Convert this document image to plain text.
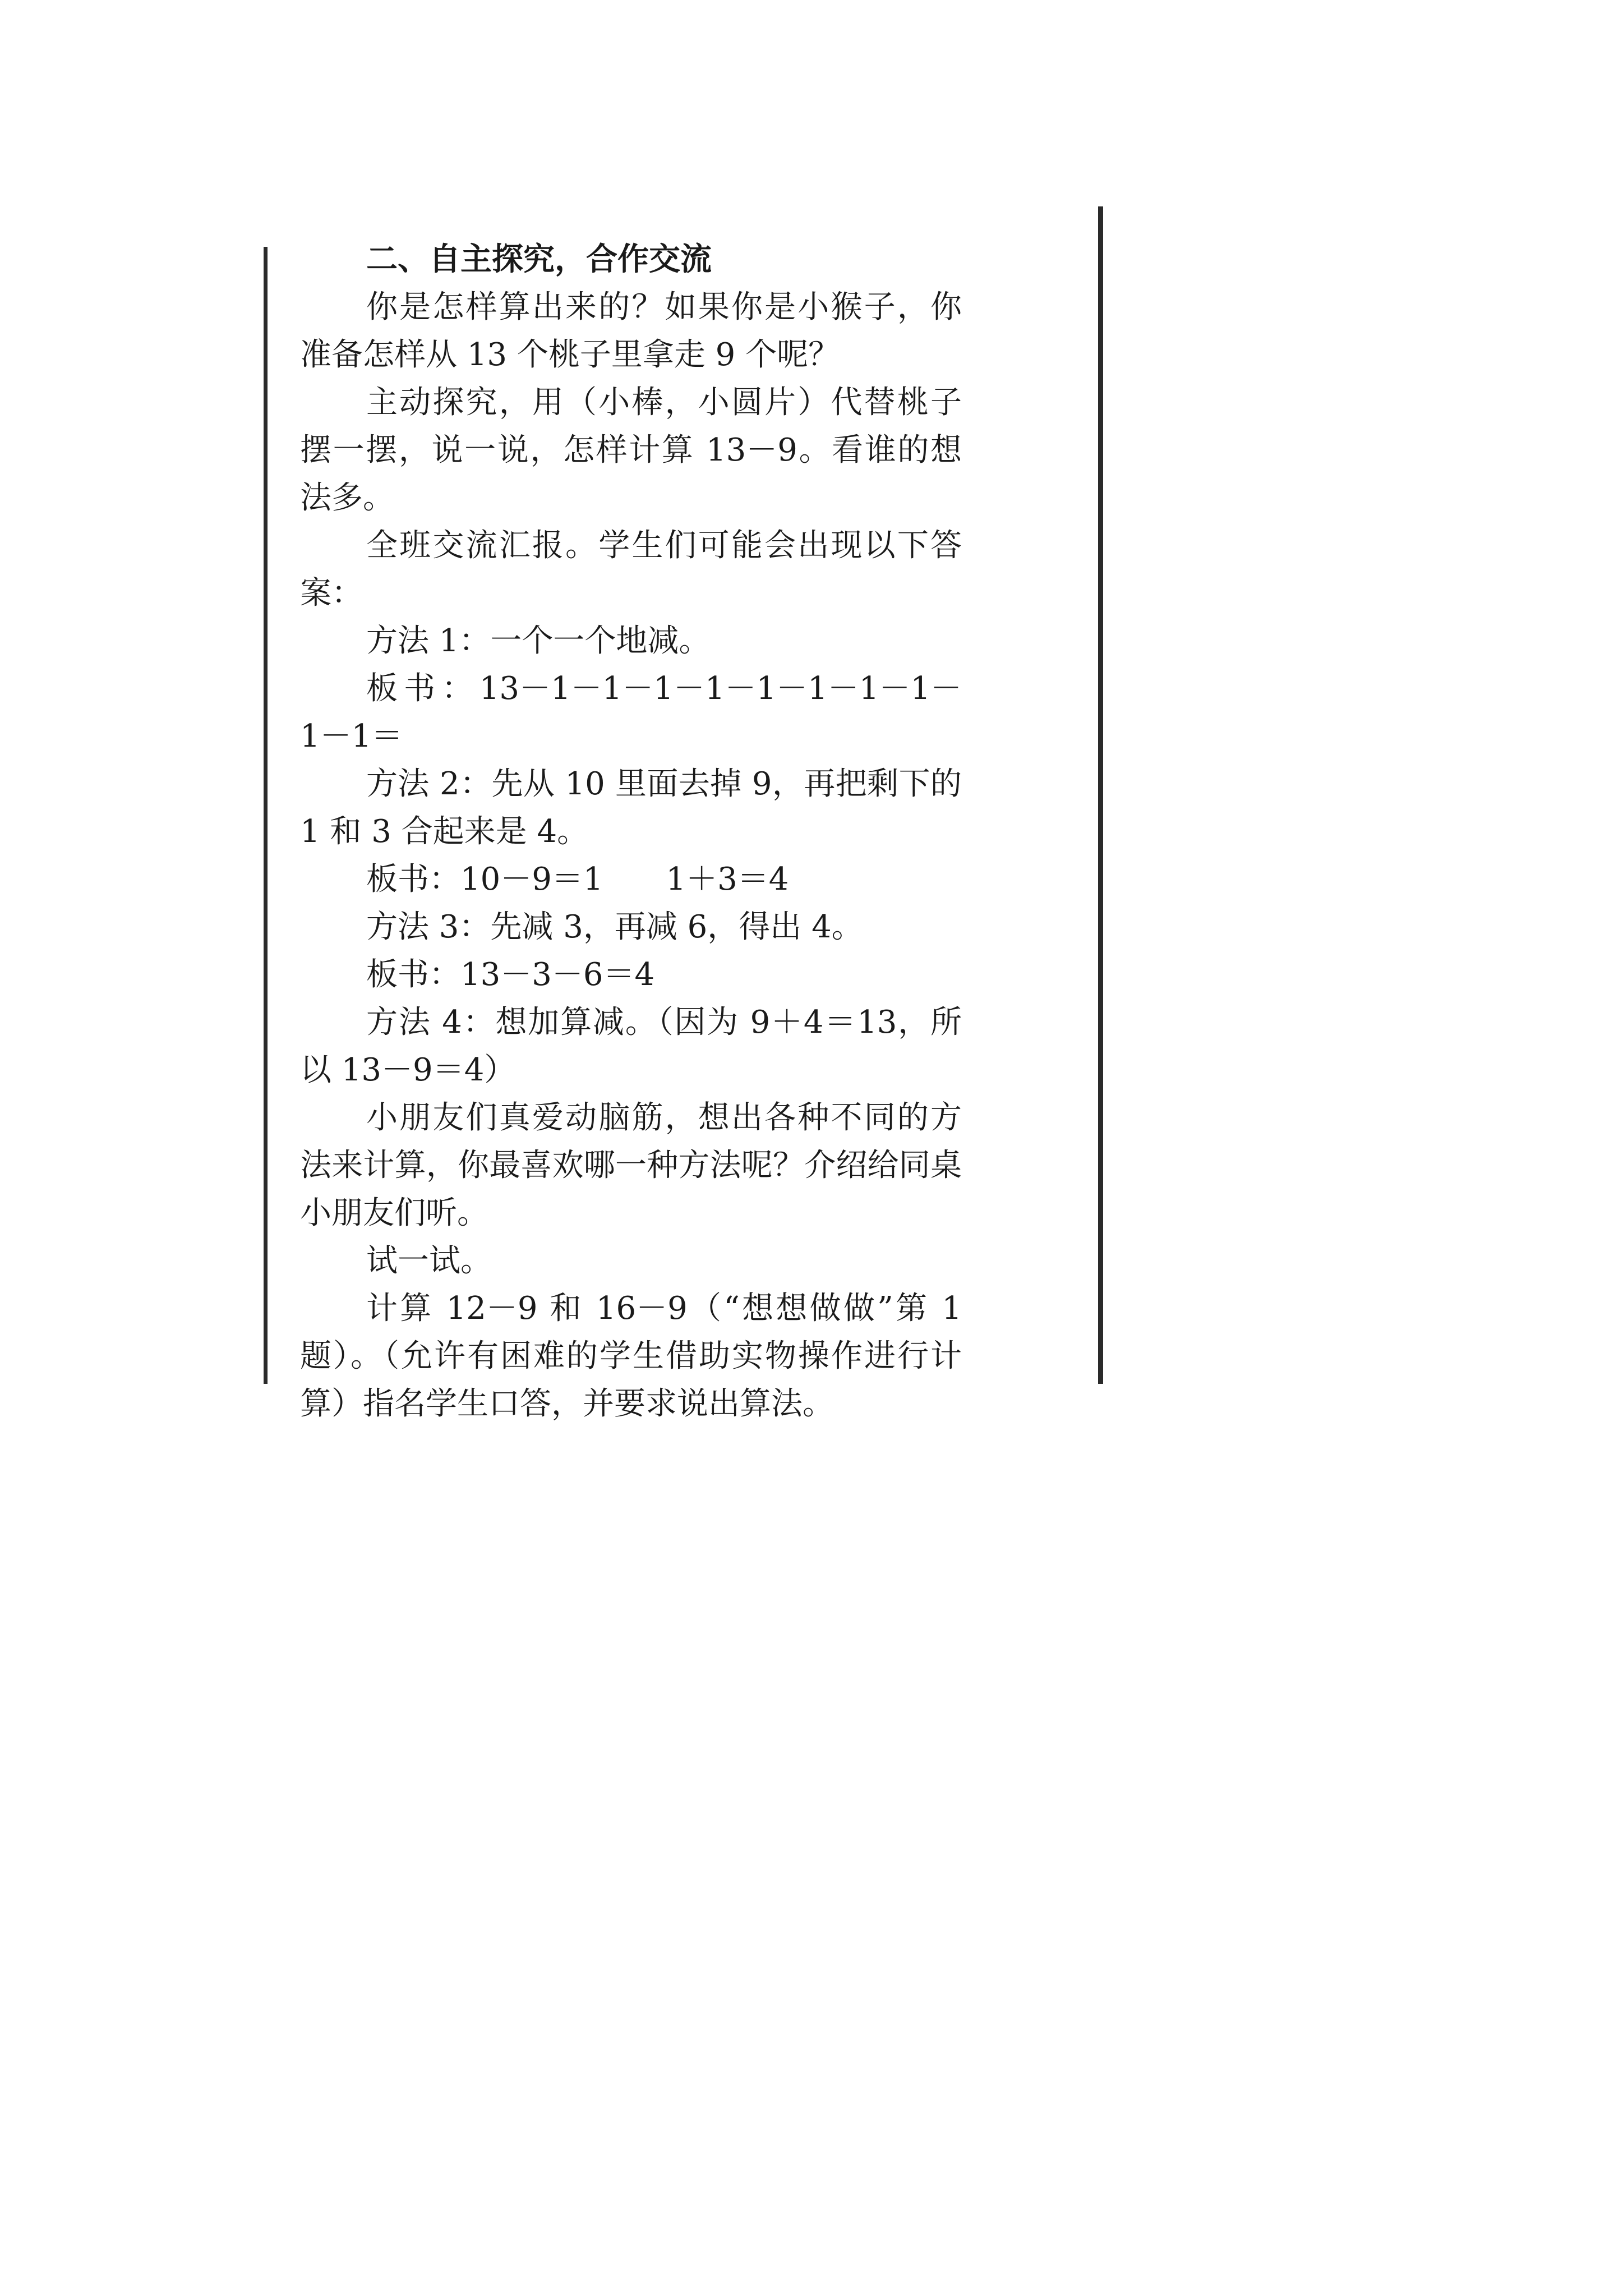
二、自主探究，合作交流

你是怎样算出来的？如果你是小猴子，你准备怎样从 13 个桃子里拿走 9 个呢？

主动探究，用（小棒，小圆片）代替桃子摆一摆，说一说，怎样计算 13－9。看谁的想法多。

全班交流汇报。学生们可能会出现以下答案：

方法 1：一个一个地减。

板书：13－1－1－1－1－1－1－1－1－1－1＝

方法 2：先从 10 里面去掉 9，再把剩下的 1 和 3 合起来是 4。

板书：10－9＝1　　1＋3＝4

方法 3：先减 3，再减 6，得出 4。

板书：13－3－6＝4

方法 4：想加算减。（因为 9＋4＝13，所以 13－9＝4）

小朋友们真爱动脑筋，想出各种不同的方法来计算，你最喜欢哪一种方法呢？介绍给同桌小朋友们听。

试一试。

计算 12－9 和 16－9（“想想做做”第 1 题）。（允许有困难的学生借助实物操作进行计算）指名学生口答，并要求说出算法。
